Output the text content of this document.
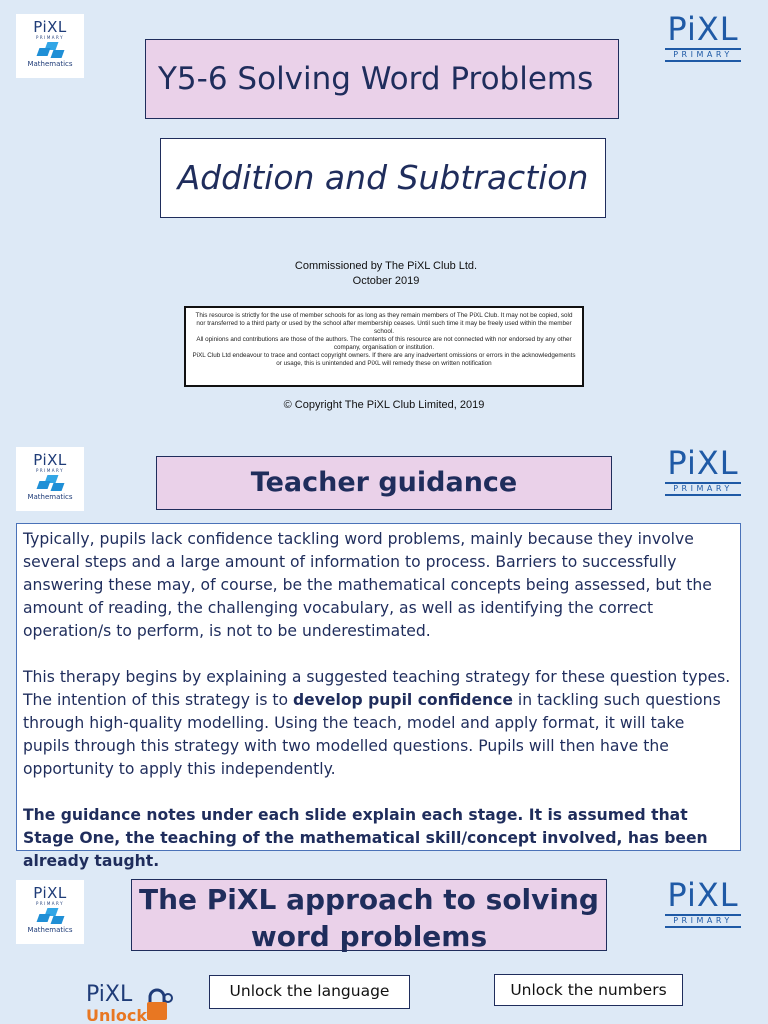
PiXL
PRIMARY
Mathematics
PiXL
PRIMARY
Y5-6 Solving Word Problems
Addition and Subtraction
Commissioned by The PiXL Club Ltd.
October 2019

This resource is strictly for the use of member schools for as long as they remain members of The PiXL Club. It may not be copied, sold nor transferred to a third party or used by the school after membership ceases. Until such time it may be freely used within the member school.

All opinions and contributions are those of the authors. The contents of this resource are not connected with nor endorsed by any other company, organisation or institution.

PiXL Club Ltd endeavour to trace and contact copyright owners. If there are any inadvertent omissions or errors in the acknowledgements or usage, this is unintended and PiXL will remedy these on written notification

© Copyright The PiXL Club Limited, 2019
PiXL
PRIMARY
Mathematics
PiXL
PRIMARY
Teacher guidance

Typically, pupils lack confidence tackling word problems, mainly because they involve several steps and a large amount of information to process. Barriers to successfully answering these may, of course, be the mathematical concepts being assessed, but the amount of reading, the challenging vocabulary, as well as identifying the correct operation/s to perform, is not to be underestimated.

This therapy begins by explaining a suggested teaching strategy for these question types. The intention of this strategy is to develop pupil confidence in tackling such questions through high-quality modelling. Using the teach, model and apply format, it will take pupils through this strategy with two modelled questions. Pupils will then have the opportunity to apply this independently.

The guidance notes under each slide explain each stage. It is assumed that Stage One, the teaching of the mathematical skill/concept involved, has been already taught.

PiXL
PRIMARY
Mathematics
PiXL
PRIMARY
The PiXL approach to solving word problems
PiXL
Unlock
Unlock the language	Unlock the numbers
